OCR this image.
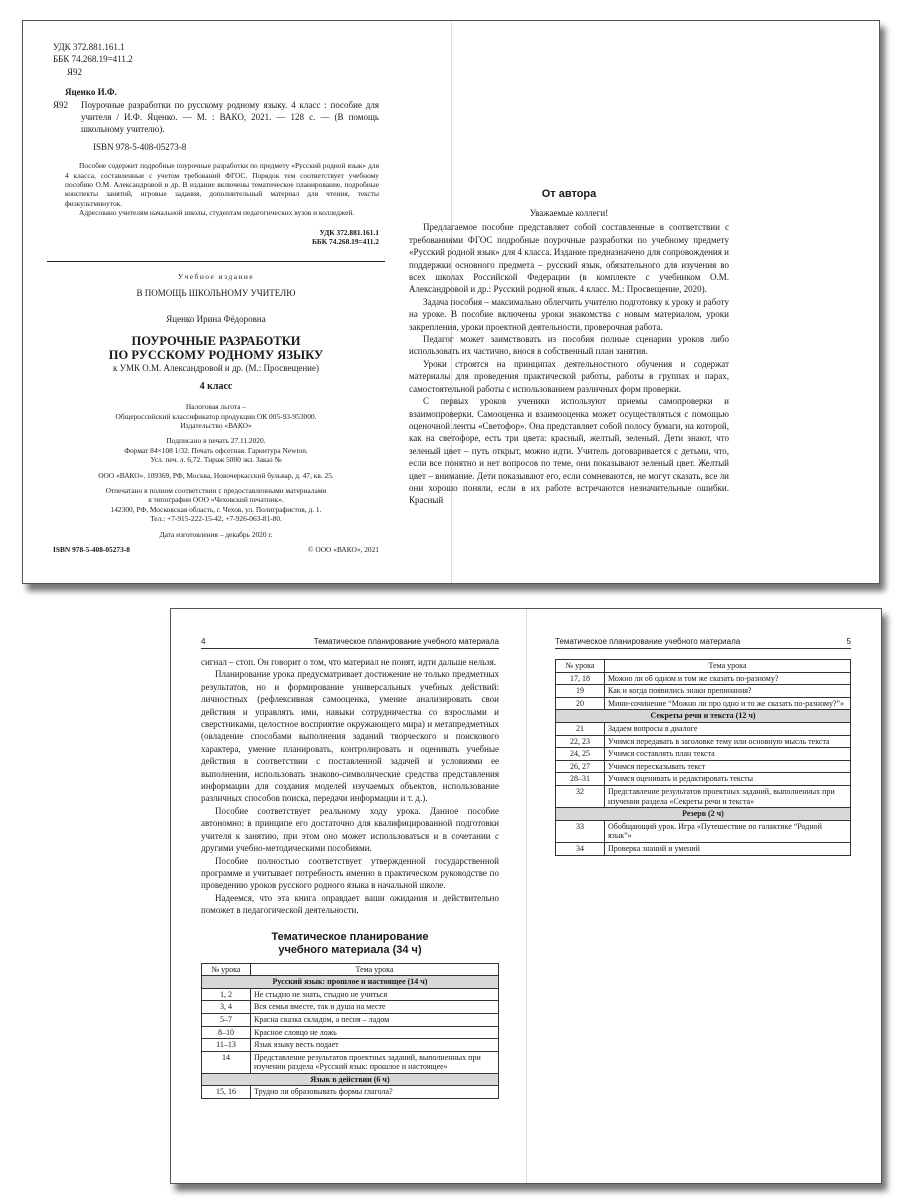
УДК 372.881.161.1

ББК 74.268.19=411.2

Я92

Яценко И.Ф.

Я92	Поурочные разработки по русскому родному языку. 4 класс : пособие для учителя / И.Ф. Яценко. — М. : ВАКО, 2021. — 128 с. — (В помощь школьному учителю).

ISBN 978-5-408-05273-8

Пособие содержит подробные поурочные разработки по предмету «Русский родной язык» для 4 класса, составленные с учетом требований ФГОС. Порядок тем соответствует учебному пособию О.М. Александровой и др. В издание включены тематическое планирование, подробные конспекты занятий, игровые задания, дополнительный материал для чтения, тексты физкультминуток.

Адресовано учителям начальной школы, студентам педагогических вузов и колледжей.

УДК 372.881.161.1

ББК 74.268.19=411.2

Учебное издание

В ПОМОЩЬ ШКОЛЬНОМУ УЧИТЕЛЮ

Яценко Ирина Фёдоровна

ПОУРОЧНЫЕ РАЗРАБОТКИ

ПО РУССКОМУ РОДНОМУ ЯЗЫКУ

к УМК О.М. Александровой и др. (М.: Просвещение)

4 класс

Налоговая льгота –

Общероссийский классификатор продукции ОК 005-93-953000.

Издательство «ВАКО»

Подписано в печать 27.11.2020.

Формат 84×108 1/32. Печать офсетная. Гарнитура Newton.

Усл. печ. л. 6,72. Тираж 5000 экз. Заказ №

ООО «ВАКО». 109369, РФ, Москва, Новочеркасский бульвар, д. 47, кв. 25.

Отпечатано в полном соответствии с предоставленными материалами

в типографии ООО «Чеховский печатник».

142300, РФ, Московская область, г. Чехов, ул. Полиграфистов, д. 1.

Тел.: +7-915-222-15-42, +7-926-063-81-80.

Дата изготовления – декабрь 2020 г.

ISBN 978-5-408-05273-8	© ООО «ВАКО», 2021

От автора

Уважаемые коллеги!

Предлагаемое пособие представляет собой составленные в соответствии с требованиями ФГОС подробные поурочные разработки по учебному предмету «Русский родной язык» для 4 класса. Издание предназначено для сопровождения и поддержки основного предмета – русский язык, обязательного для изучения во всех школах Российской Федерации (в комплекте с учебником О.М. Александровой и др.: Русский родной язык. 4 класс. М.: Просвещение, 2020).

Задача пособия – максимально облегчить учителю подготовку к уроку и работу на уроке. В пособие включены уроки знакомства с новым материалом, уроки закрепления, уроки проектной деятельности, проверочная работа.

Педагог может заимствовать из пособия полные сценарии уроков либо использовать их частично, внося в собственный план занятия.

Уроки строятся на принципах деятельностного обучения и содержат материалы для проведения практической работы, работы в группах и парах, самостоятельной работы с использованием различных форм проверки.

С первых уроков ученики используют приемы самопроверки и взаимопроверки. Самооценка и взаимооценка может осуществляться с помощью оценочной ленты «Светофор». Она представляет собой полосу бумаги, на которой, как на светофоре, есть три цвета: красный, желтый, зеленый. Дети знают, что зеленый цвет – путь открыт, можно идти. Учитель договаривается с детьми, что, если все понятно и нет вопросов по теме, они показывают зеленый цвет. Желтый цвет – внимание. Дети показывают его, если сомневаются, не могут сказать, все ли они хорошо поняли, если в их работе встречаются незначительные ошибки. Красный

4	Тематическое планирование учебного материала

сигнал – стоп. Он говорит о том, что материал не понят, идти дальше нельзя.

Планирование урока предусматривает достижение не только предметных результатов, но и формирование универсальных учебных действий: личностных (рефлексивная самооценка, умение анализировать свои действия и управлять ими, навыки сотрудничества со взрослыми и сверстниками, целостное восприятие окружающего мира) и метапредметных (овладение способами выполнения заданий творческого и поискового характера, умение планировать, контролировать и оценивать учебные действия в соответствии с поставленной задачей и условиями ее выполнения, использовать знаково-символические средства представления информации для создания моделей изучаемых объектов, использование различных способов поиска, передачи информации и т. д.).

Пособие соответствует реальному ходу урока. Данное пособие автономно: в принципе его достаточно для квалифицированной подготовки учителя к занятию, при этом оно может использоваться и в сочетании с другими учебно-методическими пособиями.

Пособие полностью соответствует утвержденной государственной программе и учитывает потребность именно в практическом руководстве по проведению уроков русского родного языка в начальной школе.

Надеемся, что эта книга оправдает ваши ожидания и действительно поможет в педагогической деятельности.

Тематическое планирование

учебного материала (34 ч)

№ урока	Тема урока
Русский язык: прошлое и настоящее (14 ч)	
1, 2	Не стыдно не знать, стыдно не учиться
3, 4	Вся семья вместе, так и душа на месте
5–7	Красна сказка складом, а песня – ладом
8–10	Красное словцо не ложь
11–13	Язык языку весть подает
14	Представление результатов проектных заданий, выполненных при изучении раздела «Русский язык: прошлое и настоящее»
Язык в действии (6 ч)	
15, 16	Трудно ли образовывать формы глагола?
Тематическое планирование учебного материала	5
№ урока	Тема урока
17, 18	Можно ли об одном и том же сказать по-разному?
19	Как и когда появились знаки препинания?
20	Мини-сочинение “Можно ли про одно и то же сказать по-разному?”»
Секреты речи и текста (12 ч)	
21	Задаем вопросы в диалоге
22, 23	Учимся передавать в заголовке тему или основную мысль текста
24, 25	Учимся составлять план текста
26, 27	Учимся пересказывать текст
28–31	Учимся оценивать и редактировать тексты
32	Представление результатов проектных заданий, выполненных при изучении раздела «Секреты речи и текста»
Резерв (2 ч)	
33	Обобщающий урок. Игра «Путешествие по галактике “Родной язык”»
34	Проверка знаний и умений
